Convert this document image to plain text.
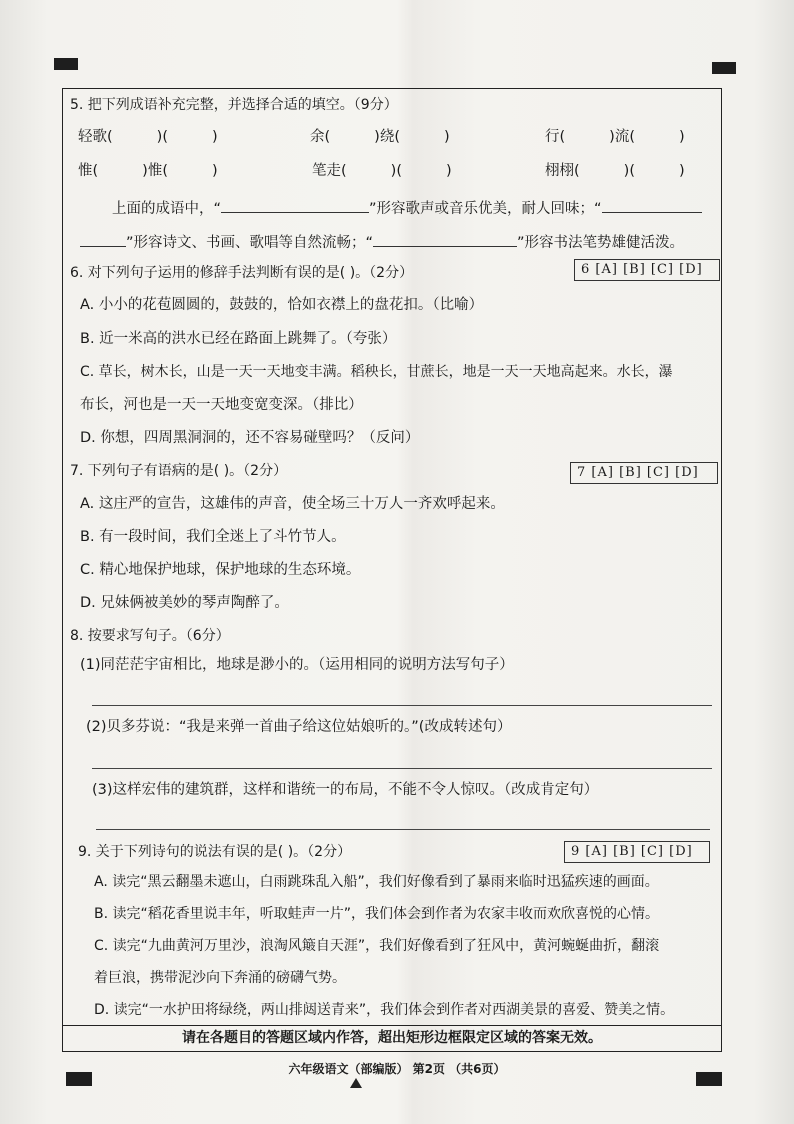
5. 把下列成语补充完整，并选择合适的填空。（9分）
轻歌(	)(	)	余(	)绕(	)	行(	)流(	)
惟(	)惟(	)	笔走(	)(	)	栩栩(	)(	)
上面的成语中，“	”形容歌声或音乐优美，耐人回味；“
”形容诗文、书画、歌唱等自然流畅；“	”形容书法笔势雄健活泼。
6. 对下列句子运用的修辞手法判断有误的是( )。（2分）	6 [A] [B] [C] [D]
A. 小小的花苞圆圆的，鼓鼓的，恰如衣襟上的盘花扣。（比喻）
B. 近一米高的洪水已经在路面上跳舞了。（夸张）
C. 草长，树木长，山是一天一天地变丰满。稻秧长，甘蔗长，地是一天一天地高起来。水长，瀑
布长，河也是一天一天地变宽变深。（排比）
D. 你想，四周黑洞洞的，还不容易碰壁吗？（反问）
7. 下列句子有语病的是( )。（2分）	7 [A] [B] [C] [D]
A. 这庄严的宣告，这雄伟的声音，使全场三十万人一齐欢呼起来。
B. 有一段时间，我们全迷上了斗竹节人。
C. 精心地保护地球，保护地球的生态环境。
D. 兄妹俩被美妙的琴声陶醉了。
8. 按要求写句子。（6分）
(1)同茫茫宇宙相比，地球是渺小的。（运用相同的说明方法写句子）
(2)贝多芬说：“我是来弹一首曲子给这位姑娘听的。”(改成转述句）
(3)这样宏伟的建筑群，这样和谐统一的布局，不能不令人惊叹。（改成肯定句）
9. 关于下列诗句的说法有误的是( )。（2分）	9 [A] [B] [C] [D]
A. 读完“黑云翻墨未遮山，白雨跳珠乱入船”，我们好像看到了暴雨来临时迅猛疾速的画面。
B. 读完“稻花香里说丰年，听取蛙声一片”，我们体会到作者为农家丰收而欢欣喜悦的心情。
C. 读完“九曲黄河万里沙，浪淘风簸自天涯”，我们好像看到了狂风中，黄河蜿蜒曲折，翻滚
着巨浪，携带泥沙向下奔涌的磅礴气势。
D. 读完“一水护田将绿绕，两山排闼送青来”，我们体会到作者对西湖美景的喜爱、赞美之情。
请在各题目的答题区域内作答，超出矩形边框限定区域的答案无效。
六年级语文（部编版） 第2页 （共6页）
